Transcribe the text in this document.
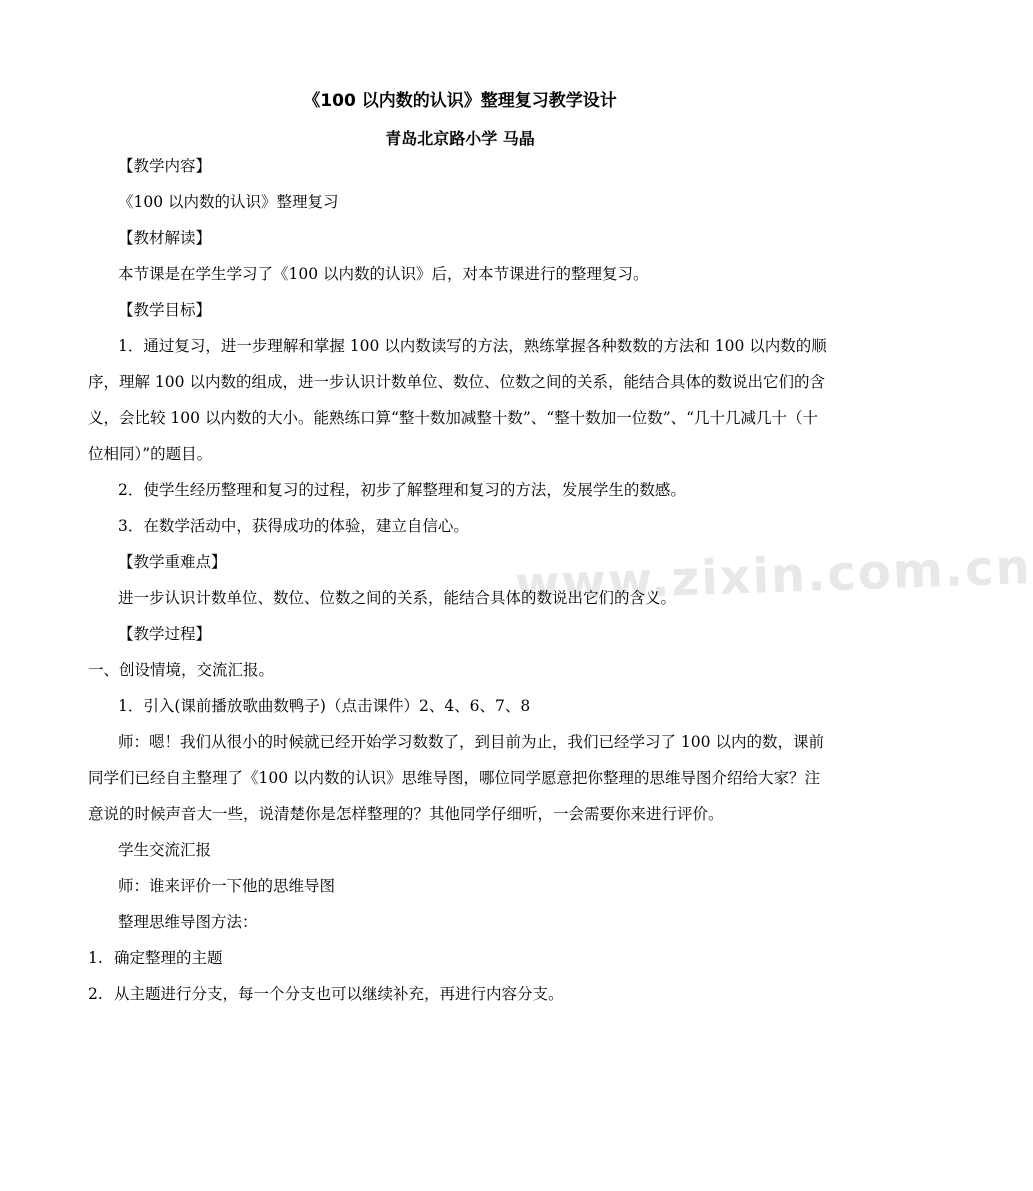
www.zixin.com.cn
《100 以内数的认识》整理复习教学设计
青岛北京路小学 马晶

【教学内容】

《100 以内数的认识》整理复习

【教材解读】

本节课是在学生学习了《100 以内数的认识》后，对本节课进行的整理复习。

【教学目标】

1．通过复习，进一步理解和掌握 100 以内数读写的方法，熟练掌握各种数数的方法和 100 以内数的顺序，理解 100 以内数的组成，进一步认识计数单位、数位、位数之间的关系，能结合具体的数说出它们的含义，会比较 100 以内数的大小。能熟练口算“整十数加减整十数”、“整十数加一位数”、“几十几减几十（十位相同）”的题目。

2．使学生经历整理和复习的过程，初步了解整理和复习的方法，发展学生的数感。

3．在数学活动中，获得成功的体验，建立自信心。

【教学重难点】

进一步认识计数单位、数位、位数之间的关系，能结合具体的数说出它们的含义。

【教学过程】

一、创设情境，交流汇报。

1．引入(课前播放歌曲数鸭子)（点击课件）2、4、6、7、8

师：嗯！我们从很小的时候就已经开始学习数数了，到目前为止，我们已经学习了 100 以内的数，课前同学们已经自主整理了《100 以内数的认识》思维导图，哪位同学愿意把你整理的思维导图介绍给大家？注意说的时候声音大一些，说清楚你是怎样整理的？其他同学仔细听，一会需要你来进行评价。

学生交流汇报

师：谁来评价一下他的思维导图

整理思维导图方法：

1. 确定整理的主题

2. 从主题进行分支，每一个分支也可以继续补充，再进行内容分支。
